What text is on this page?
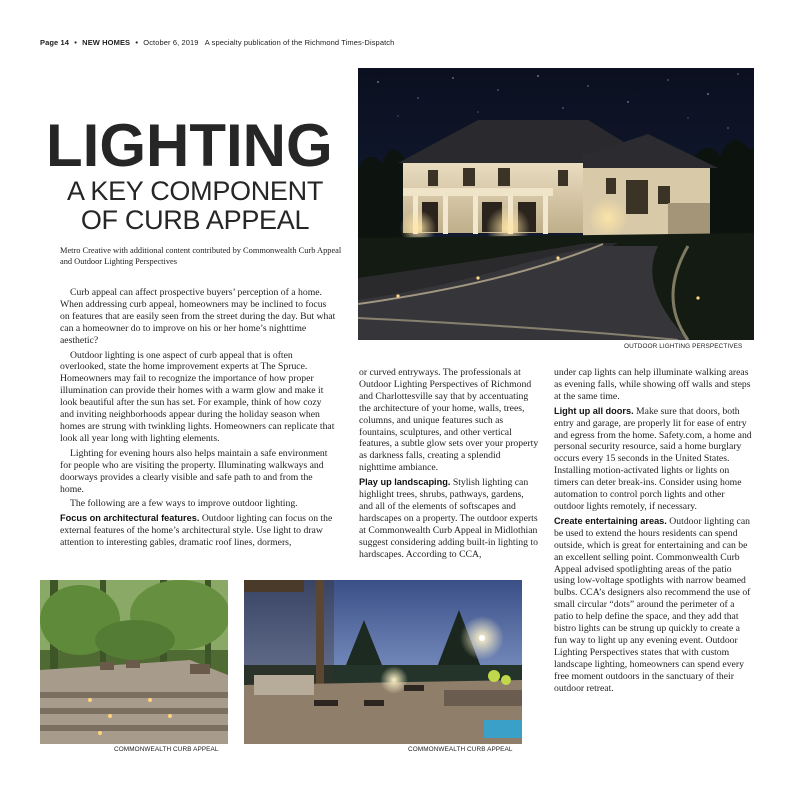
Page 14 • NEW HOMES • October 6, 2019 A specialty publication of the Richmond Times-Dispatch
OUTDOOR LIGHTING PERSPECTIVES
LIGHTING
A KEY COMPONENT
OF CURB APPEAL
Metro Creative with additional content contributed by Commonwealth Curb Appeal and Outdoor Lighting Perspectives

Curb appeal can affect prospective buyers’ perception of a home. When addressing curb appeal, homeowners may be inclined to focus on features that are easily seen from the street during the day. But what can a homeowner do to improve on his or her home’s nighttime aesthetic?

Outdoor lighting is one aspect of curb appeal that is often overlooked, state the home improvement experts at The Spruce. Homeowners may fail to recognize the importance of how proper illumination can provide their homes with a warm glow and make it look beautiful after the sun has set. For example, think of how cozy and inviting neighborhoods appear during the holiday season when homes are strung with twinkling lights. Homeowners can replicate that look all year long with lighting elements.

Lighting for evening hours also helps maintain a safe environment for people who are visiting the property. Illuminating walkways and doorways provides a clearly visible and safe path to and from the home.

The following are a few ways to improve outdoor lighting.

Focus on architectural features. Outdoor lighting can focus on the external features of the home’s architectural style. Use light to draw attention to interesting gables, dramatic roof lines, dormers,

or curved entryways. The professionals at Outdoor Lighting Perspectives of Richmond and Charlottesville say that by accentuating the architecture of your home, walls, trees, columns, and unique features such as fountains, sculptures, and other vertical features, a subtle glow sets over your property as darkness falls, creating a splendid nighttime ambiance.

Play up landscaping. Stylish lighting can highlight trees, shrubs, pathways, gardens, and all of the elements of softscapes and hardscapes on a property. The outdoor experts at Commonwealth Curb Appeal in Midlothian suggest considering adding built-in lighting to hardscapes. According to CCA,

under cap lights can help illuminate walking areas as evening falls, while showing off walls and steps at the same time.

Light up all doors. Make sure that doors, both entry and garage, are properly lit for ease of entry and egress from the home. Safety.com, a home and personal security resource, said a home burglary occurs every 15 seconds in the United States. Installing motion-activated lights or lights on timers can deter break-ins. Consider using home automation to control porch lights and other outdoor lights remotely, if necessary.

Create entertaining areas. Outdoor lighting can be used to extend the hours residents can spend outside, which is great for entertaining and can be an excellent selling point. Commonwealth Curb Appeal advised spotlighting areas of the patio using low-voltage spotlights with narrow beamed bulbs. CCA’s designers also recommend the use of small circular “dots” around the perimeter of a patio to help define the space, and they add that bistro lights can be strung up quickly to create a fun way to light up any evening event. Outdoor Lighting Perspectives states that with custom landscape lighting, homeowners can spend every free moment outdoors in the sanctuary of their outdoor retreat.

COMMONWEALTH CURB APPEAL	COMMONWEALTH CURB APPEAL
